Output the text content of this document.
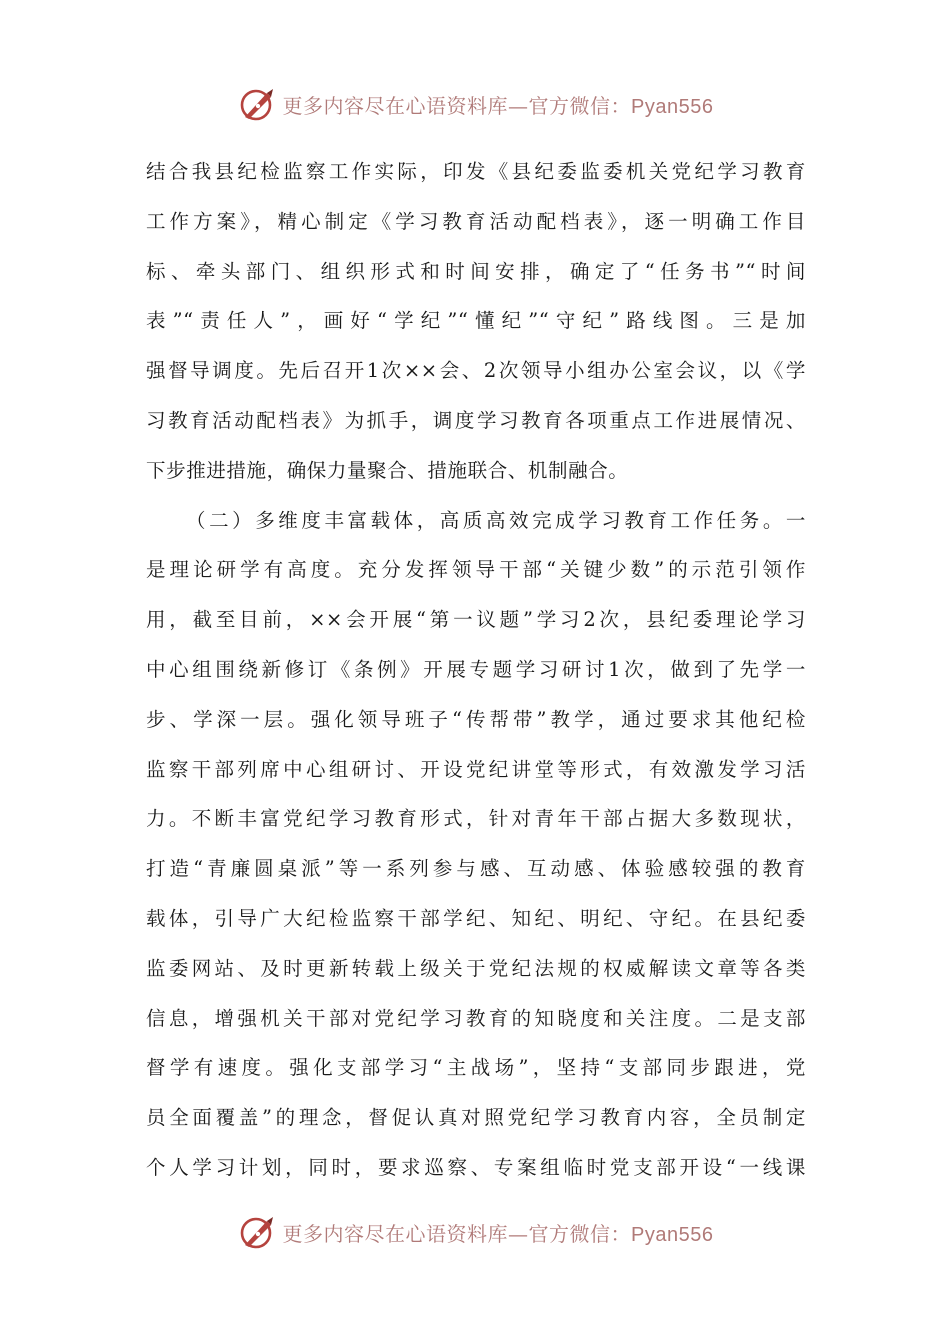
更多内容尽在心语资料库—官方微信：Pyan556
结合我县纪检监察工作实际，印发《县纪委监委机关党纪学习教育
工作方案》，精心制定《学习教育活动配档表》，逐一明确工作目
标、牵头部门、组织形式和时间安排，确定了“任务书”“时间
表”“责任人”，画好“学纪”“懂纪”“守纪”路线图。三是加
强督导调度。先后召开1次××会、2次领导小组办公室会议，以《学
习教育活动配档表》为抓手，调度学习教育各项重点工作进展情况、
下步推进措施，确保力量聚合、措施联合、机制融合。
（二）多维度丰富载体，高质高效完成学习教育工作任务。一
是理论研学有高度。充分发挥领导干部“关键少数”的示范引领作
用，截至目前，××会开展“第一议题”学习2次，县纪委理论学习
中心组围绕新修订《条例》开展专题学习研讨1次，做到了先学一
步、学深一层。强化领导班子“传帮带”教学，通过要求其他纪检
监察干部列席中心组研讨、开设党纪讲堂等形式，有效激发学习活
力。不断丰富党纪学习教育形式，针对青年干部占据大多数现状，
打造“青廉圆桌派”等一系列参与感、互动感、体验感较强的教育
载体，引导广大纪检监察干部学纪、知纪、明纪、守纪。在县纪委
监委网站、及时更新转载上级关于党纪法规的权威解读文章等各类
信息，增强机关干部对党纪学习教育的知晓度和关注度。二是支部
督学有速度。强化支部学习“主战场”，坚持“支部同步跟进，党
员全面覆盖”的理念，督促认真对照党纪学习教育内容，全员制定
个人学习计划，同时，要求巡察、专案组临时党支部开设“一线课
更多内容尽在心语资料库—官方微信：Pyan556
